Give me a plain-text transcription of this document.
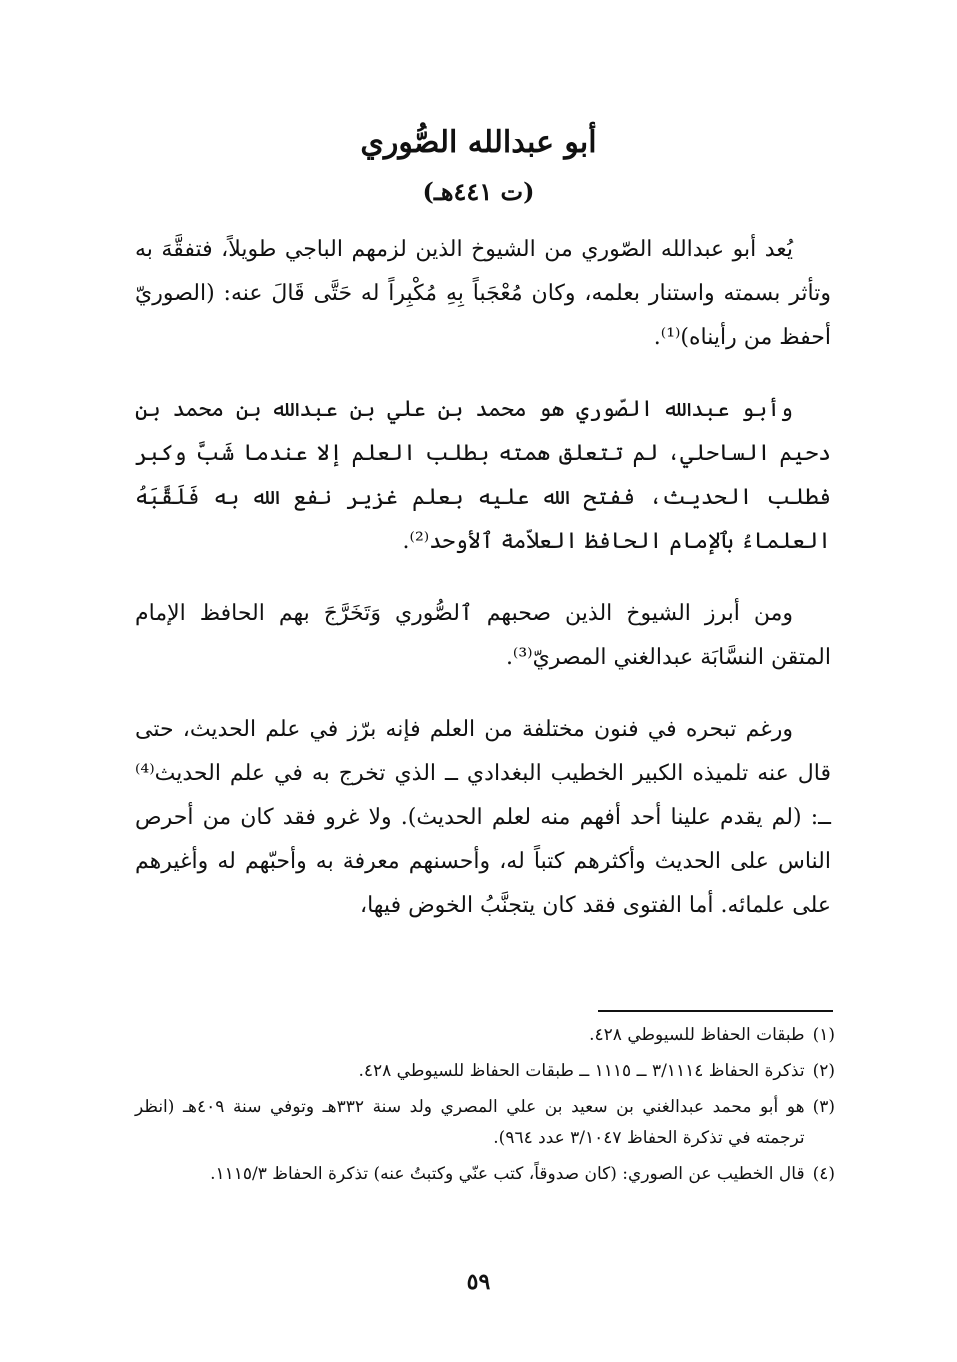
أبو عبدالله الصُّوري
(ت ٤٤١هـ)

يُعد أبو عبدالله الصّوري من الشيوخ الذين لزمهم الباجي طويلاً، فتفقَّهَ به وتأثر بسمته واستنار بعلمه، وكان مُعْجَباً بِهِ مُكْبِراً له حَتَّى قَالَ عنه: (الصوريّ أحفظ من رأيناه)⁽¹⁾.

وأبو عبدالله الصّوري هو محمد بن علي بن عبدالله بن محمد بن دحيم الساحلي، لم تتعلق همته بطلب العلم إلا عندما شَبَّ وكبر فطلب الحديث، ففتح الله عليه بعلم غزير نفع الله به فَلَقَّبَهُ العلماءُ بٱلإمام الحافظ العلاّمة ٱلأوحد⁽²⁾.

ومن أبرز الشيوخ الذين صحبهم ٱلصُّوري وَتَخَرَّجَ بهم الحافظ الإمام المتقن النسَّابَة عبدالغني المصريّ⁽³⁾.

ورغم تبحره في فنون مختلفة من العلم فإنه برّز في علم الحديث، حتى قال عنه تلميذه الكبير الخطيب البغدادي ــ الذي تخرج به في علم الحديث⁽⁴⁾ ــ: (لم يقدم علينا أحد أفهم منه لعلم الحديث). ولا غرو فقد كان من أحرص الناس على الحديث وأكثرهم كتباً له، وأحسنهم معرفة به وأحبّهم له وأغيرهم على علمائه. أما الفتوى فقد كان يتجنَّبُ الخوض فيها،

(١)
طبقات الحفاظ للسيوطي ٤٢٨.
(٢)
تذكرة الحفاظ ٣/١١١٤ ــ ١١١٥ ــ طبقات الحفاظ للسيوطي ٤٢٨.
(٣)
هو أبو محمد عبدالغني بن سعيد بن علي المصري ولد سنة ٣٣٢هـ وتوفي سنة ٤٠٩هـ (انظر ترجمته في تذكرة الحفاظ ٣/١٠٤٧ عدد ٩٦٤).
(٤)
قال الخطيب عن الصوري: (كان صدوقاً، كتب عنّي وكتبتُ عنه) تذكرة الحفاظ ١١١٥/٣.
٥٩
